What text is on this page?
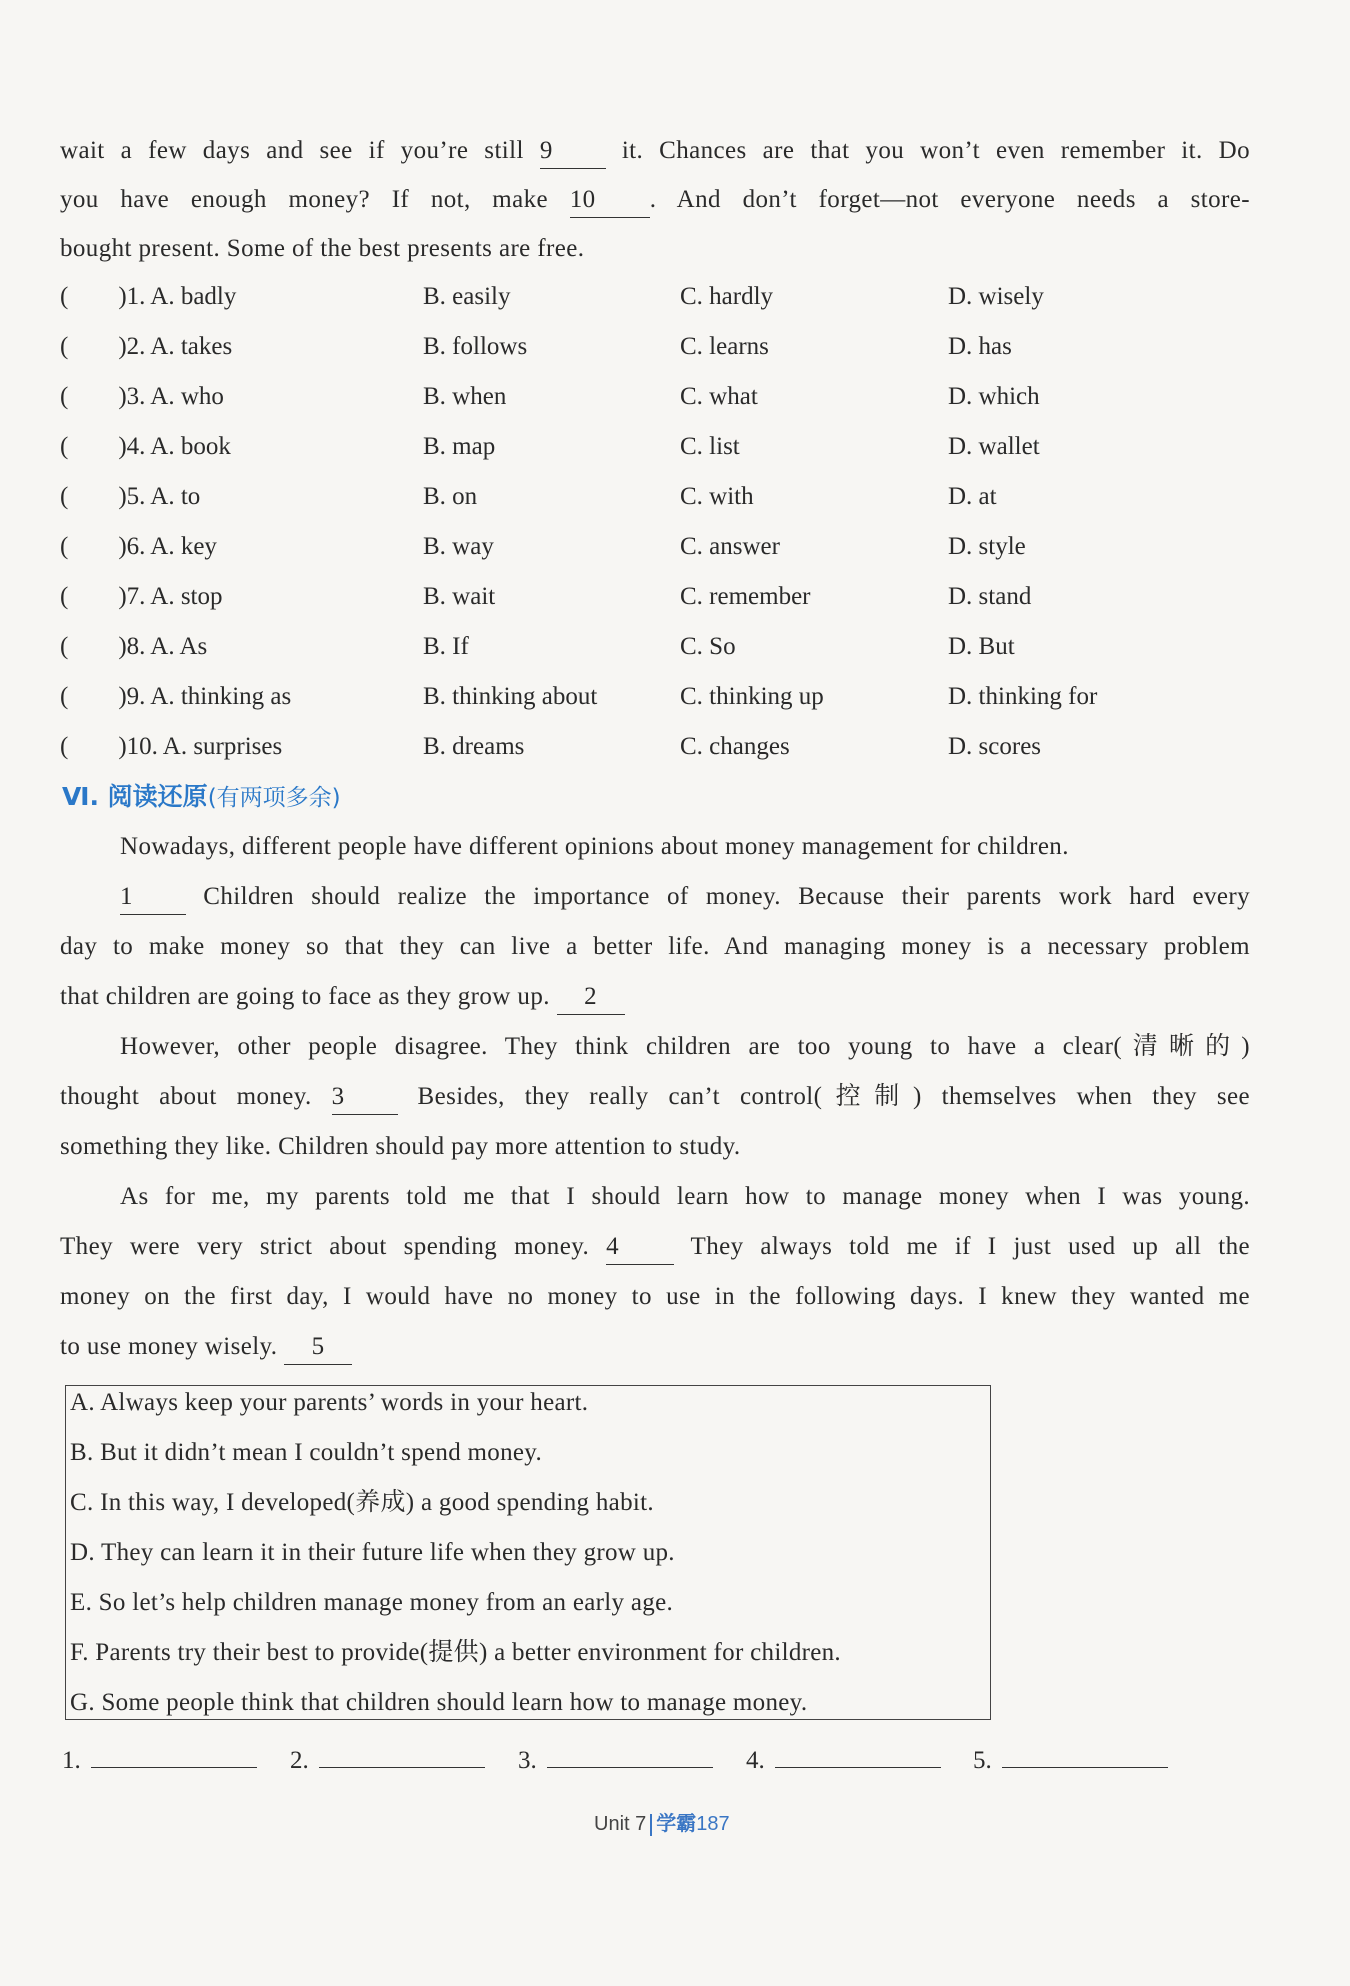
wait a few days and see if you’re still 9	it. Chances are that you won’t even remember it. Do
you have enough money? If not, make 10 . And don’t forget—not everyone needs a store-
bought present. Some of the best presents are free.
(　　)1. A. badly	B. easily	C. hardly	D. wisely
(　　)2. A. takes	B. follows	C. learns	D. has
(　　)3. A. who	B. when	C. what	D. which
(　　)4. A. book	B. map	C. list	D. wallet
(　　)5. A. to	B. on	C. with	D. at
(　　)6. A. key	B. way	C. answer	D. style
(　　)7. A. stop	B. wait	C. remember	D. stand
(　　)8. A. As	B. If	C. So	D. But
(　　)9. A. thinking as	B. thinking about	C. thinking up	D. thinking for
(　　)10. A. surprises	B. dreams	C. changes	D. scores
Ⅵ. 阅读还原(有两项多余)
Nowadays, different people have different opinions about money management for children.
1	Children should realize the importance of money. Because their parents work hard every
day to make money so that they can live a better life. And managing money is a necessary problem
that children are going to face as they grow up. 2
However, other people disagree. They think children are too young to have a clear(清晰的)
thought about money. 3	Besides, they really can’t control(控制) themselves when they see
something they like. Children should pay more attention to study.
As for me, my parents told me that I should learn how to manage money when I was young.
They were very strict about spending money. 4	They always told me if I just used up all the
money on the first day, I would have no money to use in the following days. I knew they wanted me
to use money wisely. 5
A. Always keep your parents’ words in your heart.
B. But it didn’t mean I couldn’t spend money.
C. In this way, I developed(养成) a good spending habit.
D. They can learn it in their future life when they grow up.
E. So let’s help children manage money from an early age.
F. Parents try their best to provide(提供) a better environment for children.
G. Some people think that children should learn how to manage money.
1.	2.	3.	4.	5.
Unit 7 学霸187
